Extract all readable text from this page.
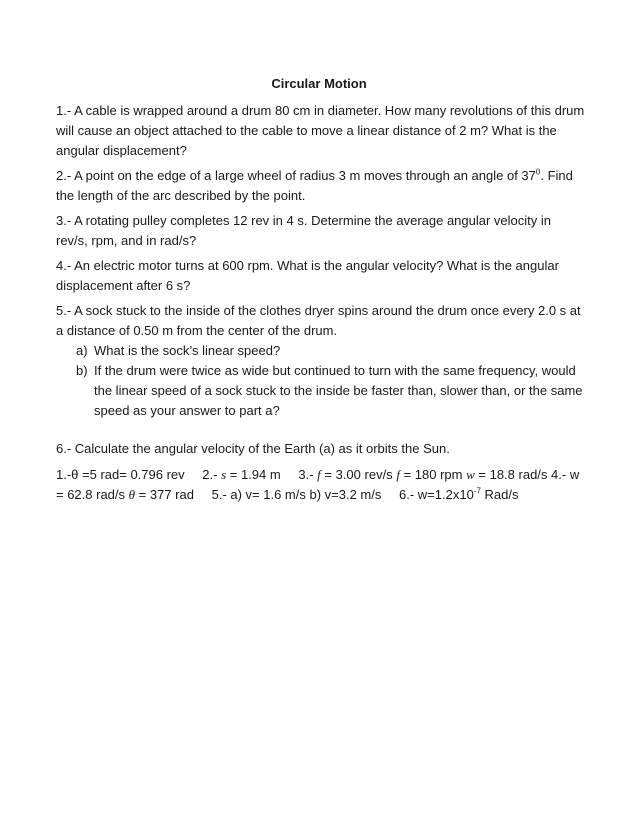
Circular Motion

1.- A cable is wrapped around a drum 80 cm in diameter. How many revolutions of this drum will cause an object attached to the cable to move a linear distance of 2 m? What is the angular displacement?

2.- A point on the edge of a large wheel of radius 3 m moves through an angle of $37^0$. Find the length of the arc described by the point.

3.- A rotating pulley completes 12 rev in 4 s. Determine the average angular velocity in rev/s, rpm, and in rad/s?

4.- An electric motor turns at 600 rpm. What is the angular velocity? What is the angular displacement after 6 s?

5.- A sock stuck to the inside of the clothes dryer spins around the drum once every 2.0 s at a distance of 0.50 m from the center of the drum.

a) What is the sock’s linear speed?
b) If the drum were twice as wide but continued to turn with the same frequency, would the linear speed of a sock stuck to the inside be faster than, slower than, or the same speed as your answer to part a?

6.- Calculate the angular velocity of the Earth (a) as it orbits the Sun.

1.-θ =5 rad= 0.796 rev 2.- s = 1.94 m 3.- f = 3.00 rev/s f = 180 rpm w = 18.8 rad/s 4.- w = 62.8 rad/s θ = 377 rad 5.- a) v= 1.6 m/s b) v=3.2 m/s 6.- $w=1.2x10^{-7}$ Rad/s
